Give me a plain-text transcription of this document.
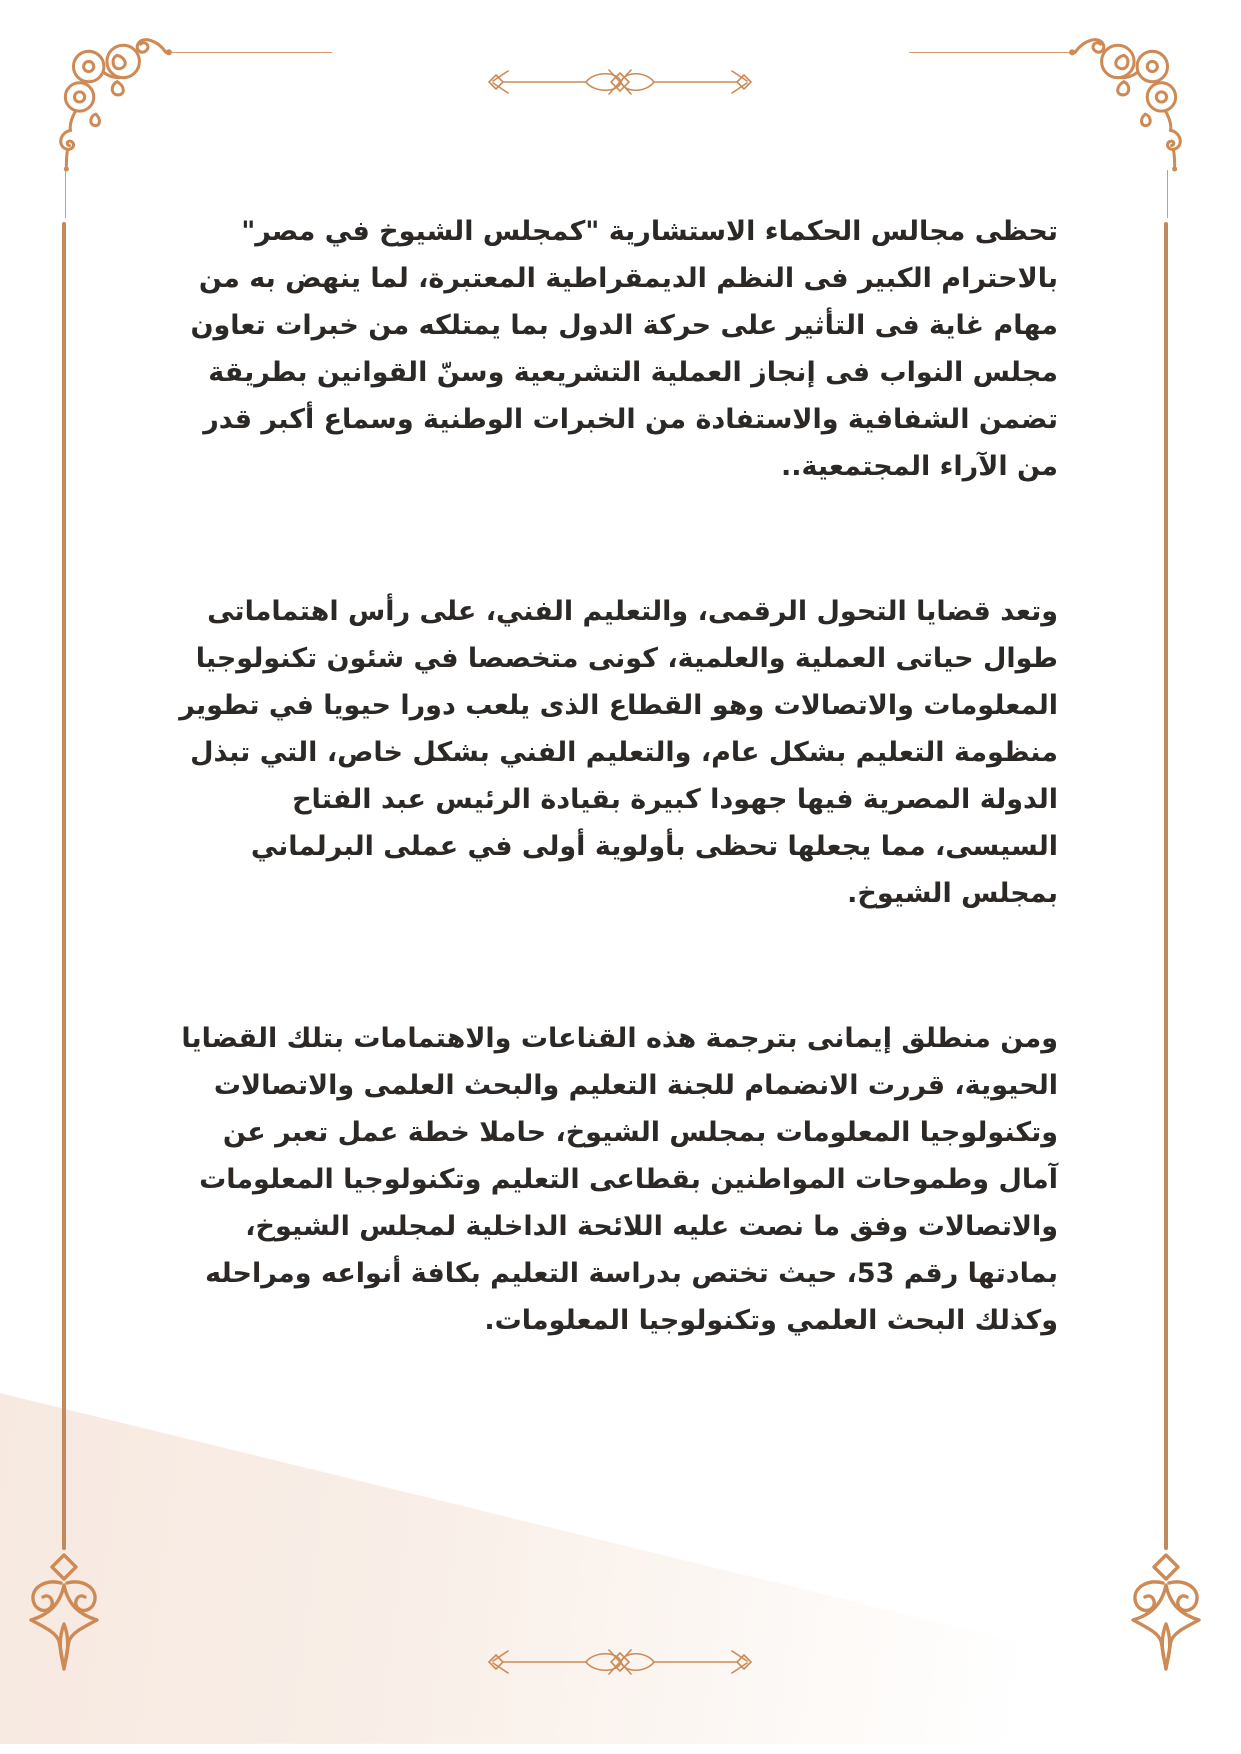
تحظى مجالس الحكماء الاستشارية "كمجلس الشيوخ في مصر" بالاحترام الكبير فى النظم الديمقراطية المعتبرة، لما ينهض به من مهام غاية فى التأثير على حركة الدول بما يمتلكه من خبرات تعاون مجلس النواب فى إنجاز العملية التشريعية وسنّ القوانين بطريقة تضمن الشفافية والاستفادة من الخبرات الوطنية وسماع أكبر قدر من الآراء المجتمعية..

وتعد قضايا التحول الرقمى، والتعليم الفني، على رأس اهتماماتى طوال حياتى العملية والعلمية، كونى متخصصا في شئون تكنولوجيا المعلومات والاتصالات وهو القطاع الذى يلعب دورا حيويا في تطوير منظومة التعليم بشكل عام، والتعليم الفني بشكل خاص، التي تبذل الدولة المصرية فيها جهودا كبيرة بقيادة الرئيس عبد الفتاح السيسى، مما يجعلها تحظى بأولوية أولى في عملى البرلماني بمجلس الشيوخ.

ومن منطلق إيمانى بترجمة هذه القناعات والاهتمامات بتلك القضايا الحيوية، قررت الانضمام للجنة التعليم والبحث العلمى والاتصالات وتكنولوجيا المعلومات بمجلس الشيوخ، حاملا خطة عمل تعبر عن آمال وطموحات المواطنين بقطاعى التعليم وتكنولوجيا المعلومات والاتصالات وفق ما نصت عليه اللائحة الداخلية لمجلس الشيوخ، بمادتها رقم 53، حيث تختص بدراسة التعليم بكافة أنواعه ومراحله وكذلك البحث العلمي وتكنولوجيا المعلومات.
